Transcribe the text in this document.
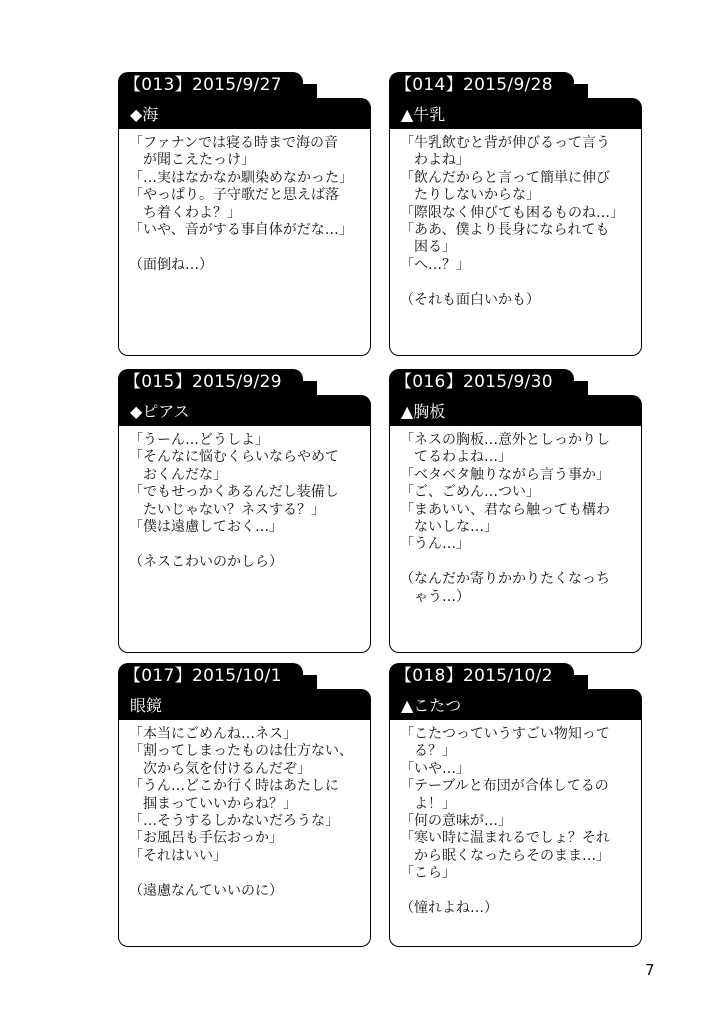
【013】2015/9/27
◆海
「ファナンでは寝る時まで海の音
　が聞こえたっけ」
「…実はなかなか馴染めなかった」
「やっぱり。子守歌だと思えば落
　ち着くわよ？」
「いや、音がする事自体がだな…」
（面倒ね…）
【014】2015/9/28
▲牛乳
「牛乳飲むと背が伸びるって言う
　わよね」
「飲んだからと言って簡単に伸び
　たりしないからな」
「際限なく伸びても困るものね…」
「ああ、僕より長身になられても
　困る」
「へ…？」
（それも面白いかも）
【015】2015/9/29
◆ピアス
「うーん…どうしよ」
「そんなに悩むくらいならやめて
　おくんだな」
「でもせっかくあるんだし装備し
　たいじゃない？ネスする？」
「僕は遠慮しておく…」
（ネスこわいのかしら）
【016】2015/9/30
▲胸板
「ネスの胸板…意外としっかりし
　てるわよね…」
「ベタベタ触りながら言う事か」
「ご、ごめん…つい」
「まあいい、君なら触っても構わ
　ないしな…」
「うん…」
（なんだか寄りかかりたくなっち
　ゃう…）
【017】2015/10/1
眼鏡
「本当にごめんね…ネス」
「割ってしまったものは仕方ない、
　次から気を付けるんだぞ」
「うん…どこか行く時はあたしに
　掴まっていいからね？」
「…そうするしかないだろうな」
「お風呂も手伝おっか」
「それはいい」
（遠慮なんていいのに）
【018】2015/10/2
▲こたつ
「こたつっていうすごい物知って
　る？」
「いや…」
「テーブルと布団が合体してるの
　よ！」
「何の意味が…」
「寒い時に温まれるでしょ？それ
　から眠くなったらそのまま…」
「こら」
（憧れよね…）
7
